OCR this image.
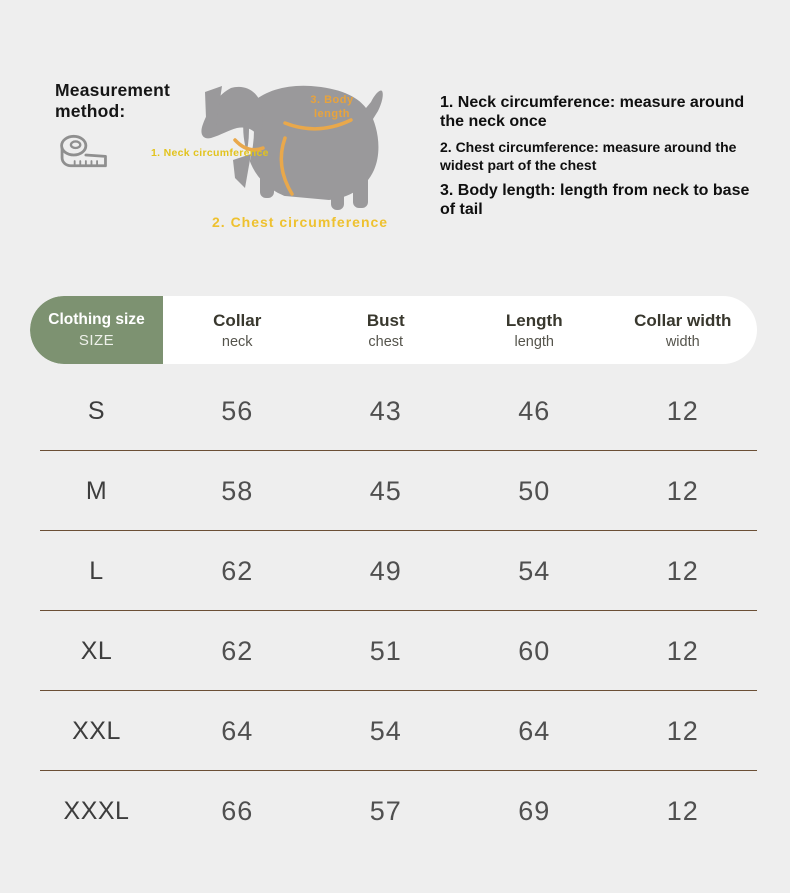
Measurement
method:
3. Body
length
1. Neck circumference
2. Chest circumference
1. Neck circumference: measure around the neck once
2. Chest circumference: measure around the widest part of the chest
3. Body length: length from neck to base of tail
Clothing size
SIZE
Collar
neck
Bust
chest
Length
length
Collar width
width
S	56	43	46	12
M	58	45	50	12
L	62	49	54	12
XL	62	51	60	12
XXL	64	54	64	12
XXXL	66	57	69	12
